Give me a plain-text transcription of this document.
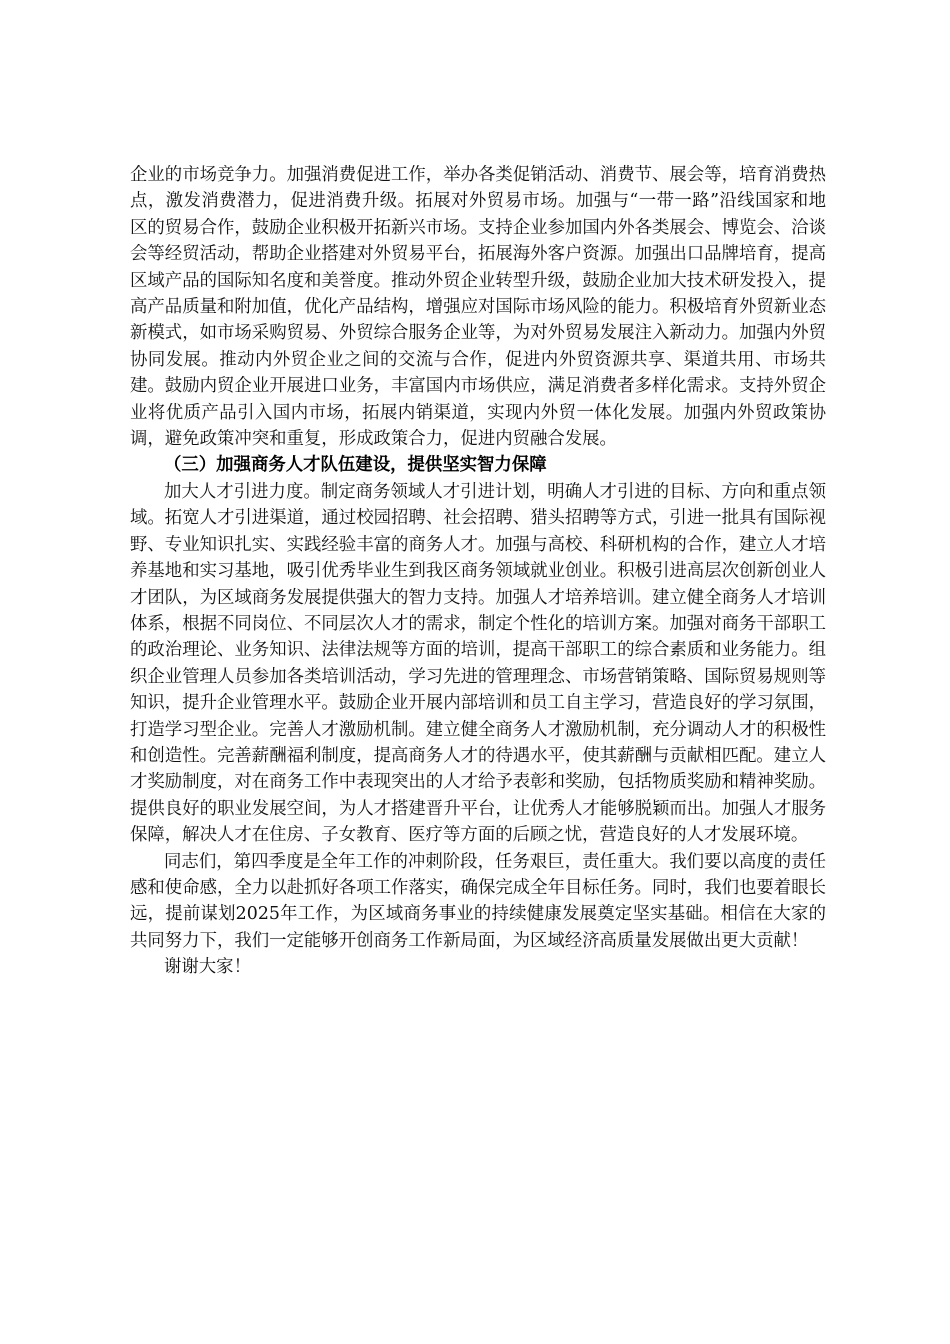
企业的市场竞争力。加强消费促进工作，举办各类促销活动、消费节、展会等，培育消费热点，激发消费潜力，促进消费升级。拓展对外贸易市场。加强与“一带一路”沿线国家和地区的贸易合作，鼓励企业积极开拓新兴市场。支持企业参加国内外各类展会、博览会、洽谈会等经贸活动，帮助企业搭建对外贸易平台，拓展海外客户资源。加强出口品牌培育，提高区域产品的国际知名度和美誉度。推动外贸企业转型升级，鼓励企业加大技术研发投入，提高产品质量和附加值，优化产品结构，增强应对国际市场风险的能力。积极培育外贸新业态新模式，如市场采购贸易、外贸综合服务企业等，为对外贸易发展注入新动力。加强内外贸协同发展。推动内外贸企业之间的交流与合作，促进内外贸资源共享、渠道共用、市场共建。鼓励内贸企业开展进口业务，丰富国内市场供应，满足消费者多样化需求。支持外贸企业将优质产品引入国内市场，拓展内销渠道，实现内外贸一体化发展。加强内外贸政策协调，避免政策冲突和重复，形成政策合力，促进内贸融合发展。

（三）加强商务人才队伍建设，提供坚实智力保障

加大人才引进力度。制定商务领域人才引进计划，明确人才引进的目标、方向和重点领域。拓宽人才引进渠道，通过校园招聘、社会招聘、猎头招聘等方式，引进一批具有国际视野、专业知识扎实、实践经验丰富的商务人才。加强与高校、科研机构的合作，建立人才培养基地和实习基地，吸引优秀毕业生到我区商务领域就业创业。积极引进高层次创新创业人才团队，为区域商务发展提供强大的智力支持。加强人才培养培训。建立健全商务人才培训体系，根据不同岗位、不同层次人才的需求，制定个性化的培训方案。加强对商务干部职工的政治理论、业务知识、法律法规等方面的培训，提高干部职工的综合素质和业务能力。组织企业管理人员参加各类培训活动，学习先进的管理理念、市场营销策略、国际贸易规则等知识，提升企业管理水平。鼓励企业开展内部培训和员工自主学习，营造良好的学习氛围，打造学习型企业。完善人才激励机制。建立健全商务人才激励机制，充分调动人才的积极性和创造性。完善薪酬福利制度，提高商务人才的待遇水平，使其薪酬与贡献相匹配。建立人才奖励制度，对在商务工作中表现突出的人才给予表彰和奖励，包括物质奖励和精神奖励。提供良好的职业发展空间，为人才搭建晋升平台，让优秀人才能够脱颖而出。加强人才服务保障，解决人才在住房、子女教育、医疗等方面的后顾之忧，营造良好的人才发展环境。

同志们，第四季度是全年工作的冲刺阶段，任务艰巨，责任重大。我们要以高度的责任感和使命感，全力以赴抓好各项工作落实，确保完成全年目标任务。同时，我们也要着眼长远，提前谋划2025年工作，为区域商务事业的持续健康发展奠定坚实基础。相信在大家的共同努力下，我们一定能够开创商务工作新局面，为区域经济高质量发展做出更大贡献！

谢谢大家！
